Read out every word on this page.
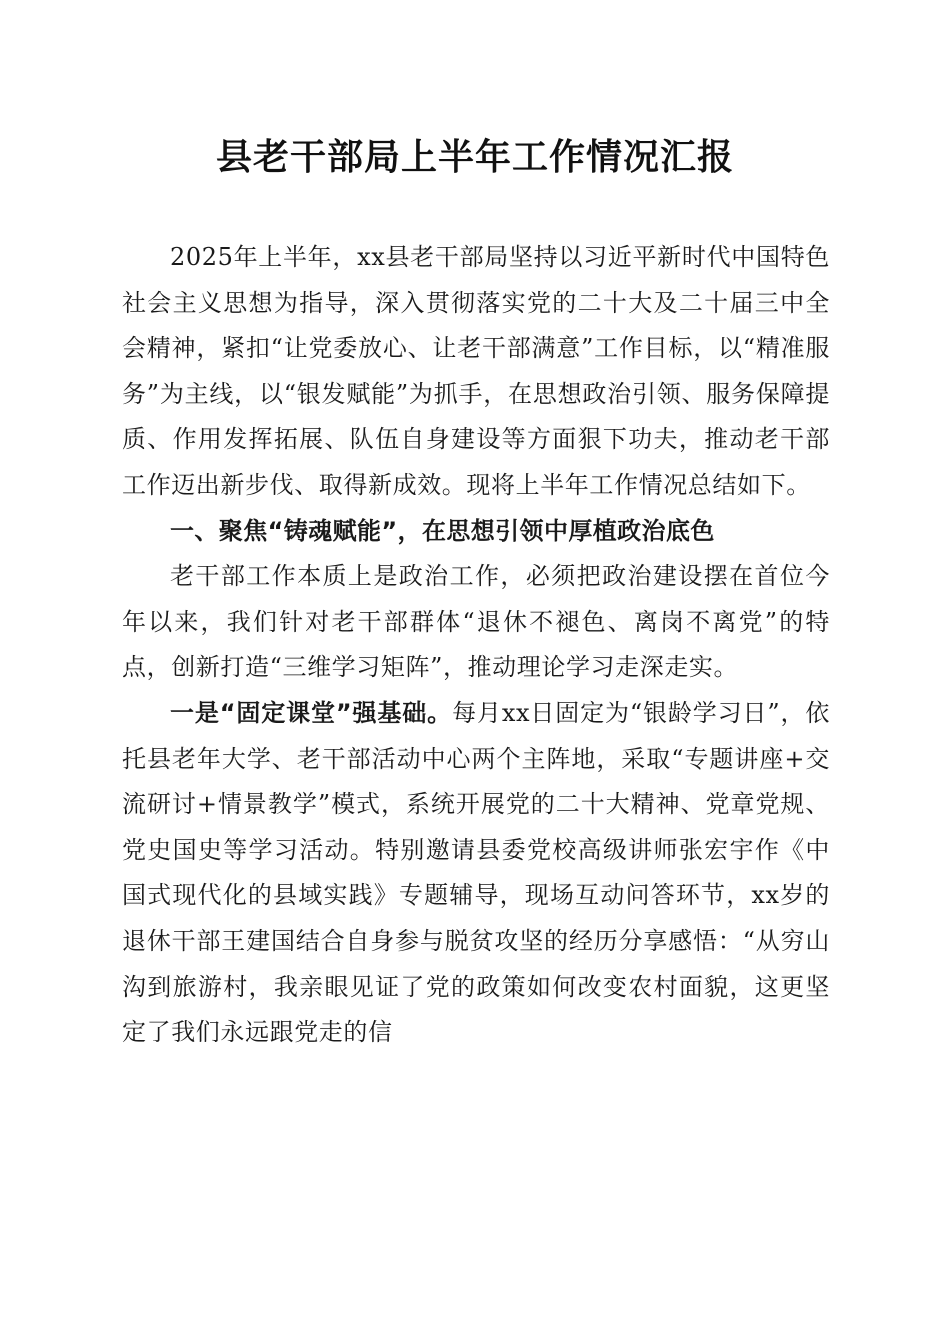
县老干部局上半年工作情况汇报

2025年上半年，xx县老干部局坚持以习近平新时代中国特色社会主义思想为指导，深入贯彻落实党的二十大及二十届三中全会精神，紧扣“让党委放心、让老干部满意”工作目标，以“精准服务”为主线，以“银发赋能”为抓手，在思想政治引领、服务保障提质、作用发挥拓展、队伍自身建设等方面狠下功夫，推动老干部工作迈出新步伐、取得新成效。现将上半年工作情况总结如下。

一、聚焦“铸魂赋能”，在思想引领中厚植政治底色

老干部工作本质上是政治工作，必须把政治建设摆在首位今年以来，我们针对老干部群体“退休不褪色、离岗不离党”的特点，创新打造“三维学习矩阵”，推动理论学习走深走实。

一是“固定课堂”强基础。每月xx日固定为“银龄学习日”，依托县老年大学、老干部活动中心两个主阵地，采取“专题讲座+交流研讨+情景教学”模式，系统开展党的二十大精神、党章党规、党史国史等学习活动。特别邀请县委党校高级讲师张宏宇作《中国式现代化的县域实践》专题辅导，现场互动问答环节，xx岁的退休干部王建国结合自身参与脱贫攻坚的经历分享感悟：“从穷山沟到旅游村，我亲眼见证了党的政策如何改变农村面貌，这更坚定了我们永远跟党走的信
